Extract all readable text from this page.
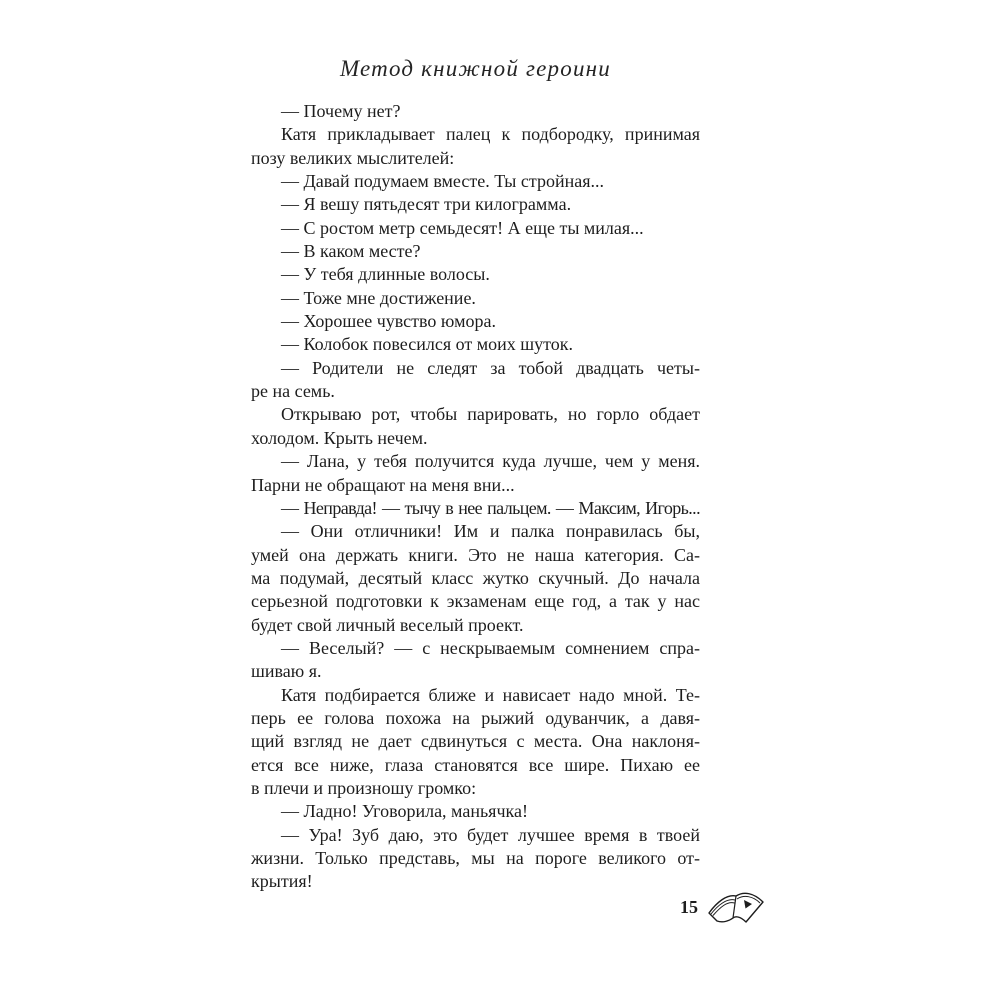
Метод книжной героини
— Почему нет?
Катя прикладывает палец к подбородку, принимая
позу великих мыслителей:
— Давай подумаем вместе. Ты стройная...
— Я вешу пятьдесят три килограмма.
— С ростом метр семьдесят! А еще ты милая...
— В каком месте?
— У тебя длинные волосы.
— Тоже мне достижение.
— Хорошее чувство юмора.
— Колобок повесился от моих шуток.
— Родители не следят за тобой двадцать четы-
ре на семь.
Открываю рот, чтобы парировать, но горло обдает
холодом. Крыть нечем.
— Лана, у тебя получится куда лучше, чем у меня.
Парни не обращают на меня вни...
— Неправда! — тычу в нее пальцем. — Максим, Игорь...
— Они отличники! Им и палка понравилась бы,
умей она держать книги. Это не наша категория. Са-
ма подумай, десятый класс жутко скучный. До начала
серьезной подготовки к экзаменам еще год, а так у нас
будет свой личный веселый проект.
— Веселый? — с нескрываемым сомнением спра-
шиваю я.
Катя подбирается ближе и нависает надо мной. Те-
перь ее голова похожа на рыжий одуванчик, а давя-
щий взгляд не дает сдвинуться с места. Она наклоня-
ется все ниже, глаза становятся все шире. Пихаю ее
в плечи и произношу громко:
— Ладно! Уговорила, маньячка!
— Ура! Зуб даю, это будет лучшее время в твоей
жизни. Только представь, мы на пороге великого от-
крытия!
15
